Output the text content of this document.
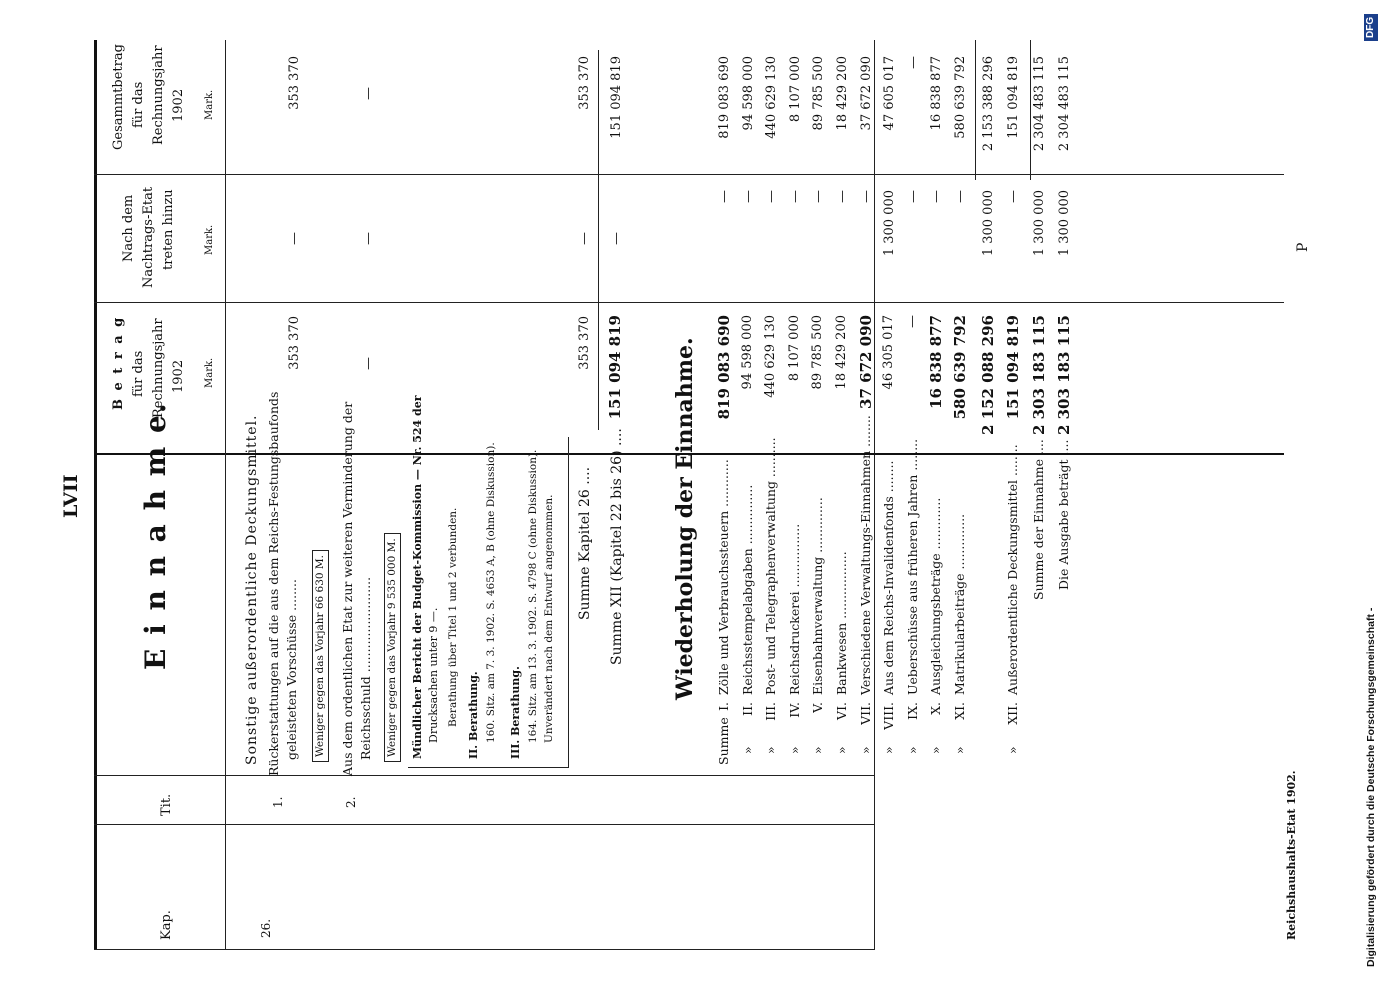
LVII
Kap.
Tit.
E i n n a h m e.
B e t r a g für das Rechnungsjahr 1902 Mark.
Nach dem Nachtrags-Etat treten hinzu	Mark.
Gesammtbetrag für das Rechnungsjahr 1902 Mark.
26.
Sonstige außerordentliche Deckungsmittel.
1.
Rückerstattungen auf die aus dem Reichs-Festungsbaufonds geleisteten Vorschüsse ........ Weniger gegen das Vorjahr 66 630 M.
353 370
—
353 370
2.
Aus dem ordentlichen Etat zur weiteren Verminderung der Reichsschuld ........................ Weniger gegen das Vorjahr 9 535 000 M.
—
—
—
Mündlicher Bericht der Budget-Kommission — Nr. 524 der Drucksachen unter 9 —. Berathung über Titel 1 und 2 verbunden. II. Berathung. 160. Sitz. am 7. 3. 1902. S. 4653 A, B (ohne Diskussion). III. Berathung. 164. Sitz. am 13. 3. 1902. S. 4798 C (ohne Diskussion). Unverändert nach dem Entwurf angenommen. Summe Kapitel 26 ....
353 370
—
353 370
Summe XII (Kapitel 22 bis 26) ....
151 094 819
—
151 094 819
Wiederholung der Einnahme.
Summe
I.
Zölle und Verbrauchssteuern ............
819 083 690
—
819 083 690
»
II.
Reichsstempelabgaben ...............
94 598 000
—
94 598 000
»
III.
Post- und Telegraphenverwaltung ..........
440 629 130
—
440 629 130
»
IV.
Reichsdruckerei ................
8 107 000
—
8 107 000
»
V.
Eisenbahnverwaltung ..............
89 785 500
—
89 785 500
»
VI.
Bankwesen .................
18 429 200
—
18 429 200
»
VII.
Verschiedene Verwaltungs-Einnahmen ........
37 672 090
—
37 672 090
»
VIII.
Aus dem Reichs-Invalidenfonds ........
46 305 017
1 300 000
47 605 017
»
IX.
Ueberschüsse aus früheren Jahren ........
—
—
—
»
X.
Ausgleichungsbeträge .............
16 838 877
—
16 838 877
»
XI.
Matrikularbeiträge ..............
580 639 792
—
580 639 792
2 152 088 296
1 300 000
2 153 388 296
»
XII.
Außerordentliche Deckungsmittel ........
151 094 819
—
151 094 819
Summe der Einnahme ....
2 303 183 115
1 300 000
2 304 483 115
Die Ausgabe beträgt ....
2 303 183 115
1 300 000
2 304 483 115
Reichshaushalts-Etat 1902.
P
Digitalisierung gefördert durch die Deutsche Forschungsgemeinschaft -
DFG
